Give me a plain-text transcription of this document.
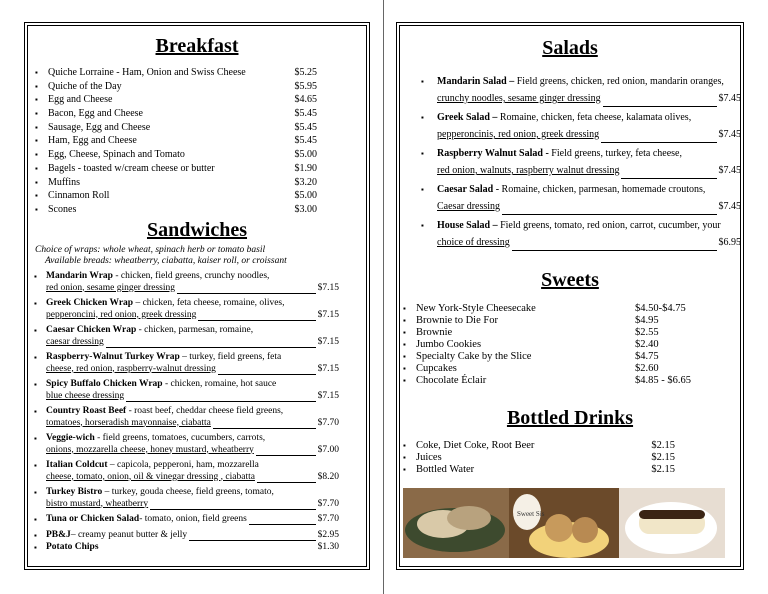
Breakfast
▪ Quiche Lorraine - Ham, Onion and Swiss Cheese	$5.25
▪ Quiche of the Day	$5.95
▪ Egg and Cheese	$4.65
▪ Bacon, Egg and Cheese	$5.45
▪ Sausage, Egg and Cheese	$5.45
▪ Ham, Egg and Cheese	$5.45
▪ Egg, Cheese, Spinach and Tomato	$5.00
▪ Bagels - toasted w/cream cheese or butter	$1.90
▪ Muffins	$3.20
▪ Cinnamon Roll	$5.00
▪ Scones	$3.00
Sandwiches
Choice of wraps: whole wheat, spinach herb or tomato basil
Available breads: wheatberry, ciabatta, kaiser roll, or croissant
▪ Mandarin Wrap - chicken, field greens, crunchy noodles,
red onion, sesame ginger dressing	$7.15
▪ Greek Chicken Wrap – chicken, feta cheese, romaine, olives,
pepperoncini, red onion, greek dressing	$7.15
▪ Caesar Chicken Wrap - chicken, parmesan, romaine,
caesar dressing	$7.15
▪ Raspberry-Walnut Turkey Wrap – turkey, field greens, feta
cheese, red onion, raspberry-walnut dressing	$7.15
▪ Spicy Buffalo Chicken Wrap - chicken, romaine, hot sauce
blue cheese dressing	$7.15
▪ Country Roast Beef - roast beef, cheddar cheese field greens,
tomatoes, horseradish mayonnaise, ciabatta	$7.70
▪ Veggie-wich - field greens, tomatoes, cucumbers, carrots,
onions, mozzarella cheese, honey mustard, wheatberry	$7.00
▪ Italian Coldcut – capicola, pepperoni, ham, mozzarella
cheese, tomato, onion, oil & vinegar dressing , ciabatta	$8.20
▪ Turkey Bistro – turkey, gouda cheese, field greens, tomato,
bistro mustard, wheatberry	$7.70
▪ Tuna or Chicken Salad - tomato, onion, field greens	$7.70
▪ PB&J – creamy peanut butter & jelly	$2.95
▪ Potato Chips	$1.30
Salads
▪ Mandarin Salad – Field greens, chicken, red onion, mandarin oranges,
crunchy noodles, sesame ginger dressing	$7.45
▪ Greek Salad – Romaine, chicken, feta cheese, kalamata olives,
pepperoncinis, red onion, greek dressing	$7.45
▪ Raspberry Walnut Salad - Field greens, turkey, feta cheese,
red onion, walnuts, raspberry walnut dressing	$7.45
▪ Caesar Salad - Romaine, chicken, parmesan, homemade croutons,
Caesar dressing	$7.45
▪ House Salad – Field greens, tomato, red onion, carrot, cucumber, your
choice of dressing	$6.95
Sweets
▪ New York-Style Cheesecake	$4.50-$4.75
▪ Brownie to Die For	$4.95
▪ Brownie	$2.55
▪ Jumbo Cookies	$2.40
▪ Specialty Cake by the Slice	$4.75
▪ Cupcakes	$2.60
▪ Chocolate Éclair	$4.85 - $6.65
Bottled Drinks
▪ Coke, Diet Coke, Root Beer	$2.15
▪ Juices	$2.15
▪ Bottled Water	$2.15
Sweet Sis
